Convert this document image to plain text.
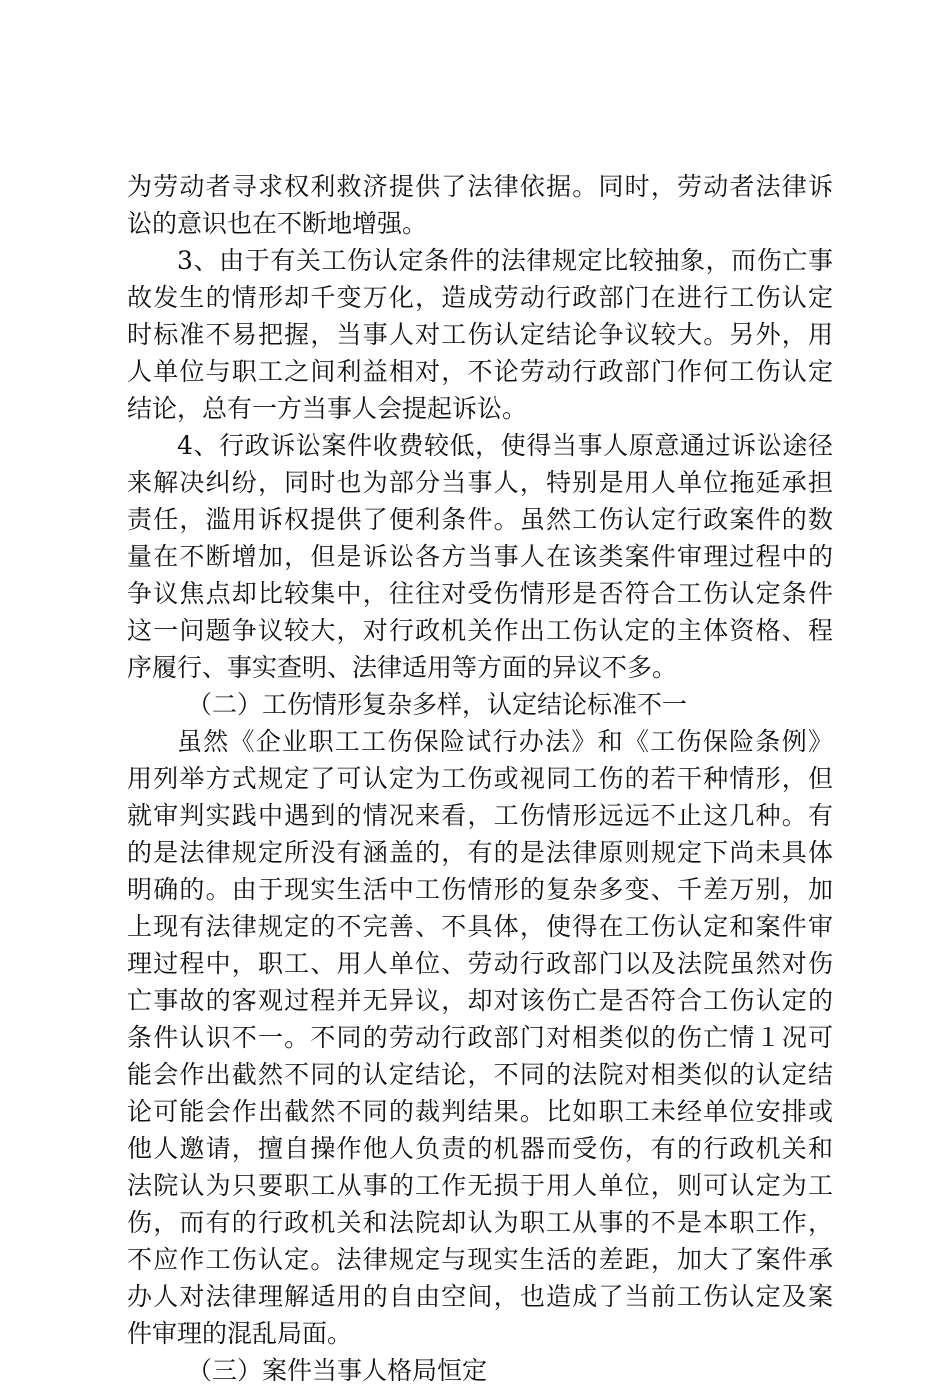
为劳动者寻求权利救济提供了法律依据。同时，劳动者法律诉
讼的意识也在不断地增强。
3、由于有关工伤认定条件的法律规定比较抽象，而伤亡事
故发生的情形却千变万化，造成劳动行政部门在进行工伤认定
时标准不易把握，当事人对工伤认定结论争议较大。另外，用
人单位与职工之间利益相对，不论劳动行政部门作何工伤认定
结论，总有一方当事人会提起诉讼。
4、行政诉讼案件收费较低，使得当事人原意通过诉讼途径
来解决纠纷，同时也为部分当事人，特别是用人单位拖延承担
责任，滥用诉权提供了便利条件。虽然工伤认定行政案件的数
量在不断增加，但是诉讼各方当事人在该类案件审理过程中的
争议焦点却比较集中，往往对受伤情形是否符合工伤认定条件
这一问题争议较大，对行政机关作出工伤认定的主体资格、程
序履行、事实查明、法律适用等方面的异议不多。
（二）工伤情形复杂多样，认定结论标准不一
虽然《企业职工工伤保险试行办法》和《工伤保险条例》
用列举方式规定了可认定为工伤或视同工伤的若干种情形，但
就审判实践中遇到的情况来看，工伤情形远远不止这几种。有
的是法律规定所没有涵盖的，有的是法律原则规定下尚未具体
明确的。由于现实生活中工伤情形的复杂多变、千差万别，加
上现有法律规定的不完善、不具体，使得在工伤认定和案件审
理过程中，职工、用人单位、劳动行政部门以及法院虽然对伤
亡事故的客观过程并无异议，却对该伤亡是否符合工伤认定的
条件认识不一。不同的劳动行政部门对相类似的伤亡情１况可
能会作出截然不同的认定结论，不同的法院对相类似的认定结
论可能会作出截然不同的裁判结果。比如职工未经单位安排或
他人邀请，擅自操作他人负责的机器而受伤，有的行政机关和
法院认为只要职工从事的工作无损于用人单位，则可认定为工
伤，而有的行政机关和法院却认为职工从事的不是本职工作，
不应作工伤认定。法律规定与现实生活的差距，加大了案件承
办人对法律理解适用的自由空间，也造成了当前工伤认定及案
件审理的混乱局面。
（三）案件当事人格局恒定
